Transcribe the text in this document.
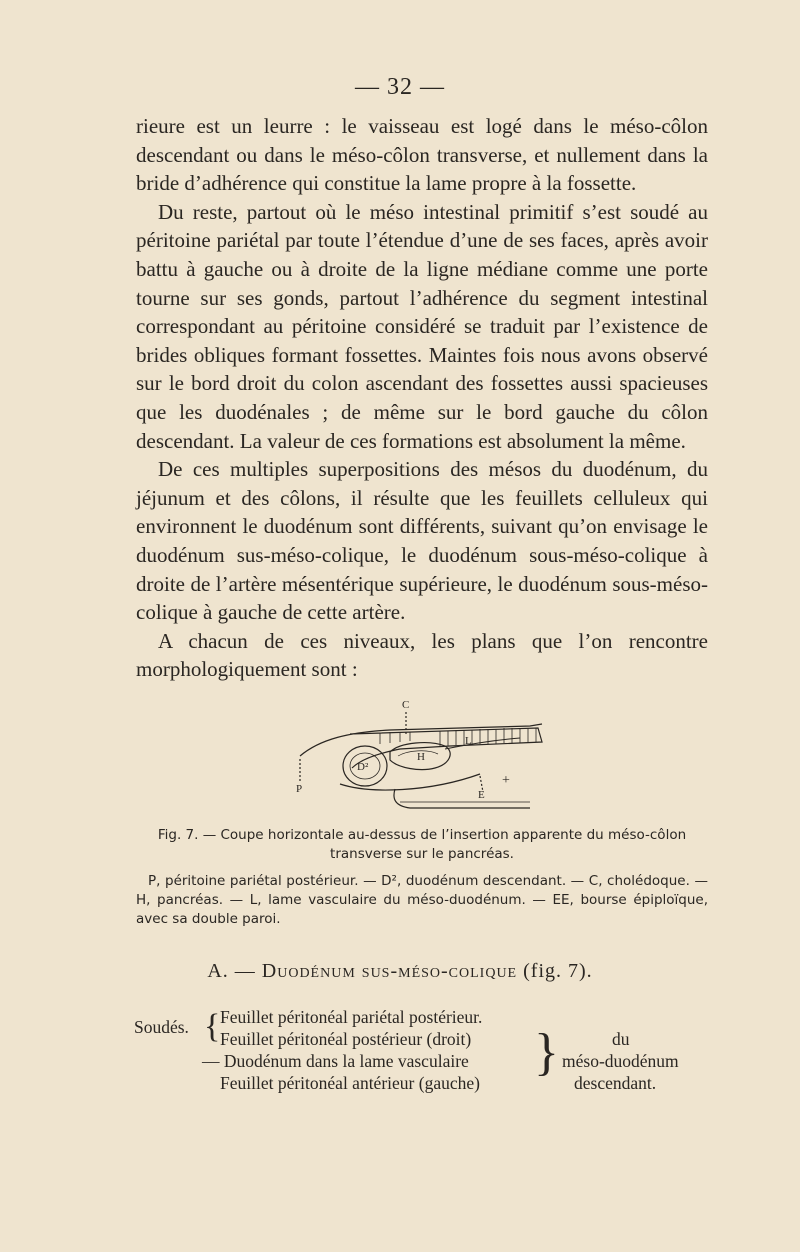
— 32 —

rieure est un leurre : le vaisseau est logé dans le méso-côlon descendant ou dans le méso-côlon transverse, et nullement dans la bride d’adhérence qui constitue la lame propre à la fossette.

Du reste, partout où le méso intestinal primitif s’est soudé au péritoine pariétal par toute l’étendue d’une de ses faces, après avoir battu à gauche ou à droite de la ligne médiane comme une porte tourne sur ses gonds, partout l’adhérence du segment intestinal correspondant au péritoine considéré se traduit par l’existence de brides obliques formant fossettes. Maintes fois nous avons observé sur le bord droit du colon ascendant des fossettes aussi spacieuses que les duodénales ; de même sur le bord gauche du côlon descendant. La valeur de ces formations est absolument la même.

De ces multiples superpositions des mésos du duodénum, du jéjunum et des côlons, il résulte que les feuillets celluleux qui environnent le duodénum sont différents, suivant qu’on envisage le duodénum sus-méso-colique, le duodénum sous-méso-colique à droite de l’artère mésentérique supérieure, le duodénum sous-méso-colique à gauche de cette artère.

A chacun de ces niveaux, les plans que l’on rencontre morphologiquement sont :

C
H
L
D²
E
P
+
Fig. 7. — Coupe horizontale au-dessus de l’insertion apparente du méso-côlon transverse sur le pancréas.
P, péritoine pariétal postérieur. — D², duodénum descendant. — C, cholédoque. — H, pancréas. — L, lame vasculaire du méso-duodénum. — EE, bourse épiploïque, avec sa double paroi.
A. — Duodénum sus-méso-colique (fig. 7).
Soudés. { Feuillet péritonéal pariétal postérieur.
Feuillet péritonéal postérieur (droit)
— Duodénum dans la lame vasculaire
Feuillet péritonéal antérieur (gauche)
}	du
méso-duodénum
descendant.
